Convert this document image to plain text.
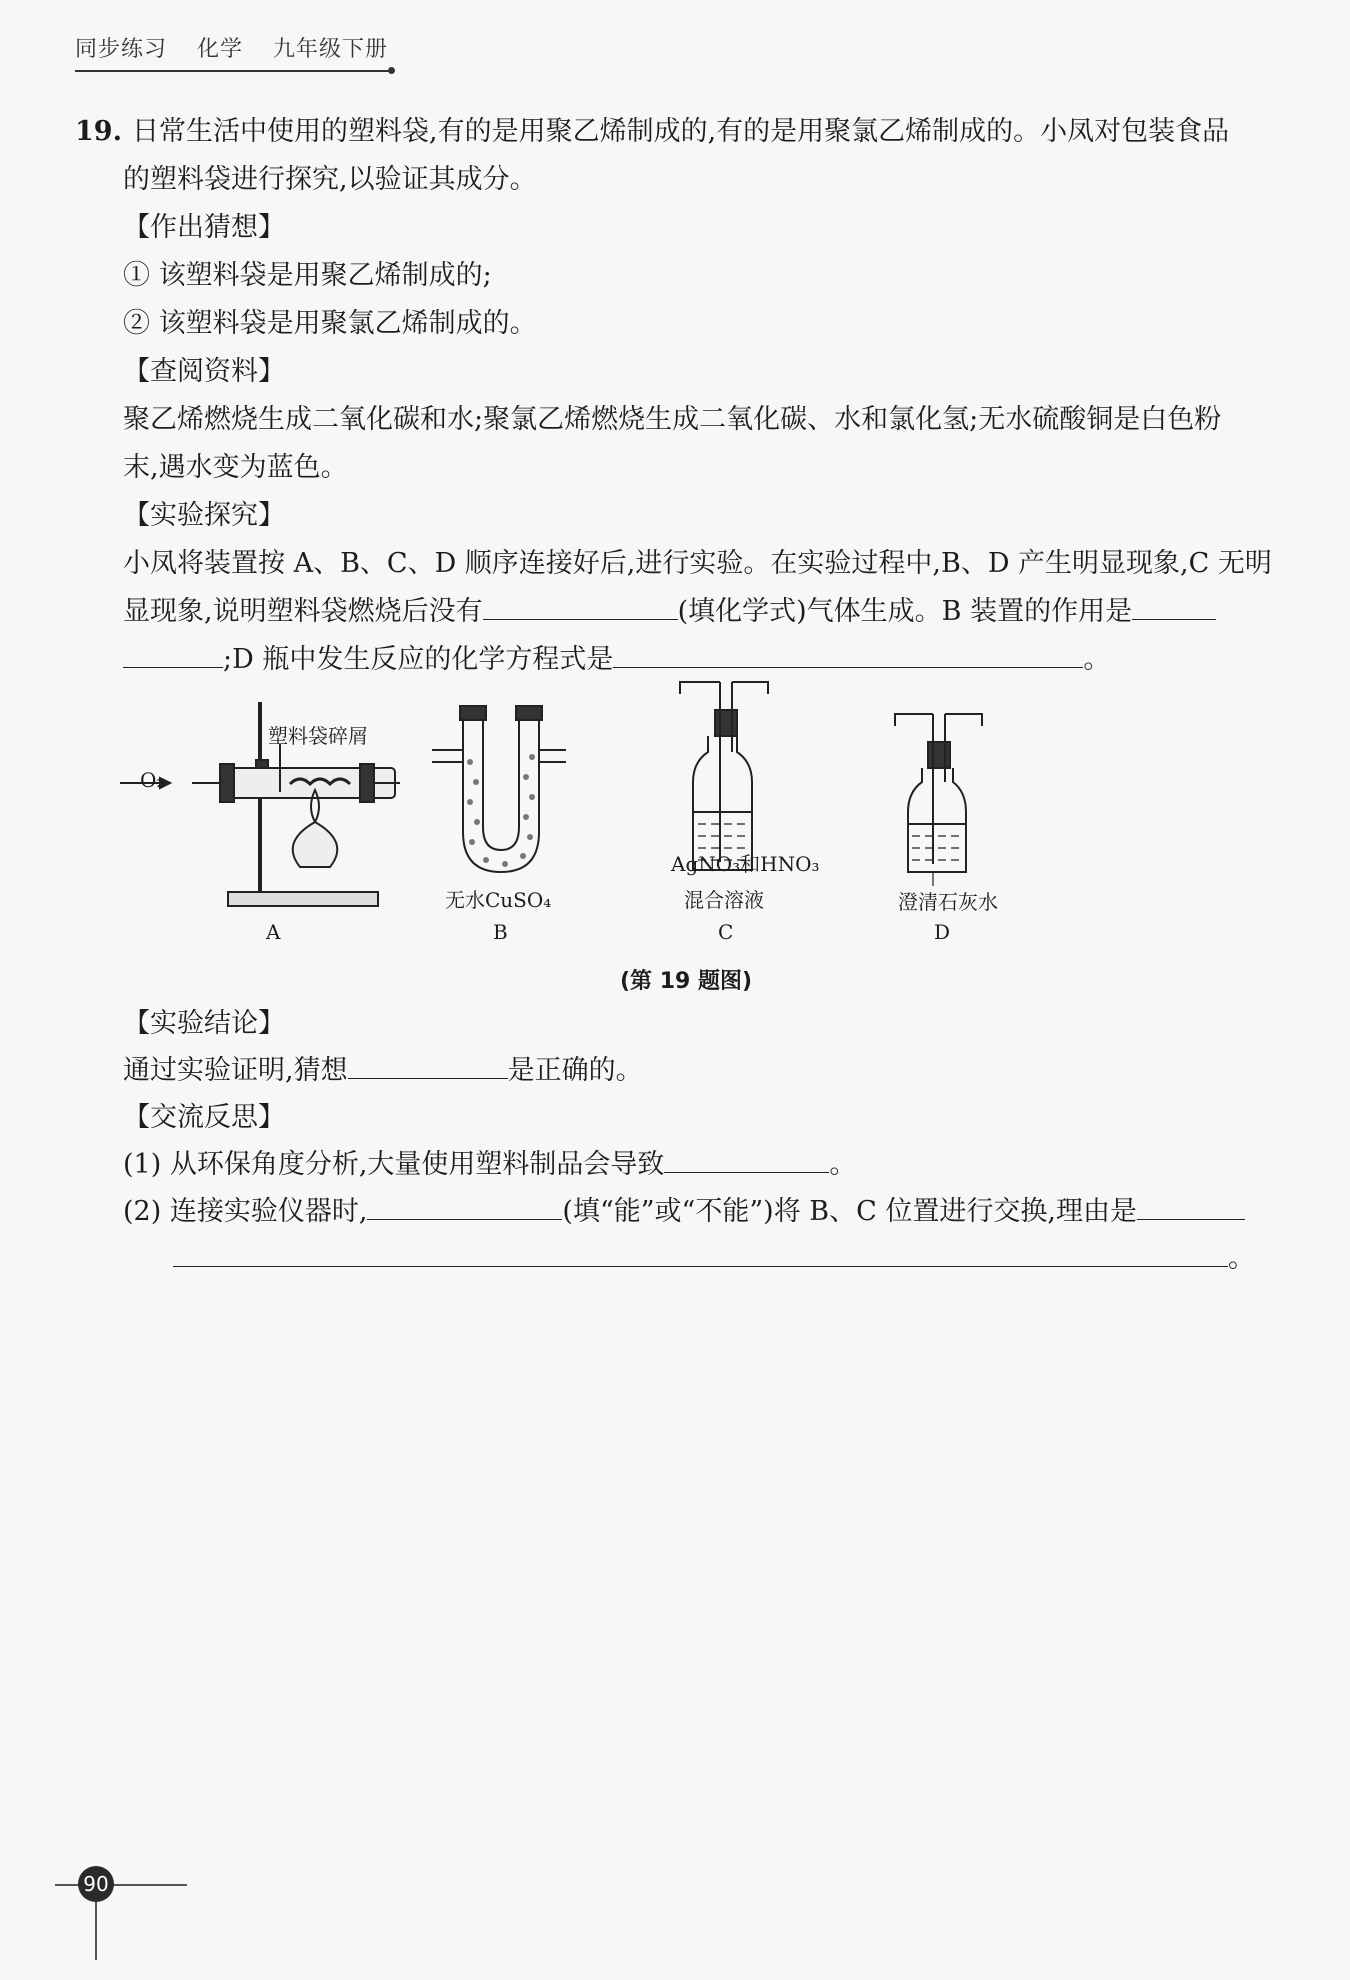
同步练习 化学 九年级下册
19. 日常生活中使用的塑料袋,有的是用聚乙烯制成的,有的是用聚氯乙烯制成的。小凤对包装食品
的塑料袋进行探究,以验证其成分。
【作出猜想】
① 该塑料袋是用聚乙烯制成的;
② 该塑料袋是用聚氯乙烯制成的。
【查阅资料】
聚乙烯燃烧生成二氧化碳和水;聚氯乙烯燃烧生成二氧化碳、水和氯化氢;无水硫酸铜是白色粉
末,遇水变为蓝色。
【实验探究】
小凤将装置按 A、B、C、D 顺序连接好后,进行实验。在实验过程中,B、D 产生明显现象,C 无明
显现象,说明塑料袋燃烧后没有	(填化学式)气体生成。B 装置的作用是
;D 瓶中发生反应的化学方程式是	。
塑料袋碎屑
O₂
A
无水CuSO₄
B
AgNO₃和HNO₃
混合溶液
C
澄清石灰水
D
(第 19 题图)
【实验结论】
通过实验证明,猜想	是正确的。
【交流反思】
(1) 从环保角度分析,大量使用塑料制品会导致	。
(2) 连接实验仪器时,	(填“能”或“不能”)将 B、C 位置进行交换,理由是
。
90
